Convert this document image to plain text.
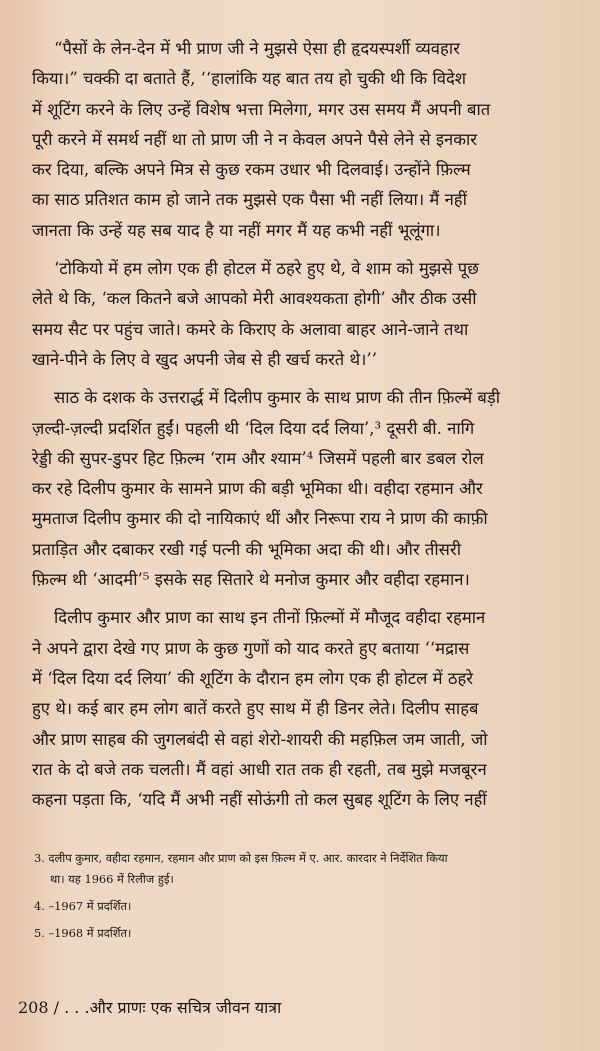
“पैसों के लेन-देन में भी प्राण जी ने मुझसे ऐसा ही हृदयस्पर्शी व्यवहार
किया।” चक्की दा बताते हैं, ‘‘हालांकि यह बात तय हो चुकी थी कि विदेश
में शूटिंग करने के लिए उन्हें विशेष भत्ता मिलेगा, मगर उस समय मैं अपनी बात
पूरी करने में समर्थ नहीं था तो प्राण जी ने न केवल अपने पैसे लेने से इनकार
कर दिया, बल्कि अपने मित्र से कुछ रकम उधार भी दिलवाई। उन्होंने फ़िल्म
का साठ प्रतिशत काम हो जाने तक मुझसे एक पैसा भी नहीं लिया। मैं नहीं
जानता कि उन्हें यह सब याद है या नहीं मगर मैं यह कभी नहीं भूलूंगा।

‘टोकियो में हम लोग एक ही होटल में ठहरे हुए थे, वे शाम को मुझसे पूछ
लेते थे कि, ‘कल कितने बजे आपको मेरी आवश्यकता होगी’ और ठीक उसी
समय सैट पर पहुंच जाते। कमरे के किराए के अलावा बाहर आने-जाने तथा
खाने-पीने के लिए वे खुद अपनी जेब से ही खर्च करते थे।’’

साठ के दशक के उत्तरार्द्ध में दिलीप कुमार के साथ प्राण की तीन फ़िल्में बड़ी
ज़ल्दी-ज़ल्दी प्रदर्शित हुईं। पहली थी ‘दिल दिया दर्द लिया’,³ दूसरी बी. नागि
रेड्डी की सुपर-डुपर हिट फ़िल्म ‘राम और श्याम’⁴ जिसमें पहली बार डबल रोल
कर रहे दिलीप कुमार के सामने प्राण की बड़ी भूमिका थी। वहीदा रहमान और
मुमताज दिलीप कुमार की दो नायिकाएं थीं और निरूपा राय ने प्राण की काफ़ी
प्रताड़ित और दबाकर रखी गई पत्नी की भूमिका अदा की थी। और तीसरी
फ़िल्म थी ‘आदमी’⁵ इसके सह सितारे थे मनोज कुमार और वहीदा रहमान।

दिलीप कुमार और प्राण का साथ इन तीनों फ़िल्मों में मौजूद वहीदा रहमान
ने अपने द्वारा देखे गए प्राण के कुछ गुणों को याद करते हुए बताया ‘‘मद्रास
में ‘दिल दिया दर्द लिया’ की शूटिंग के दौरान हम लोग एक ही होटल में ठहरे
हुए थे। कई बार हम लोग बातें करते हुए साथ में ही डिनर लेते। दिलीप साहब
और प्राण साहब की जुगलबंदी से वहां शेरो-शायरी की महफ़िल जम जाती, जो
रात के दो बजे तक चलती। मैं वहां आधी रात तक ही रहती, तब मुझे मजबूरन
कहना पड़ता कि, ‘यदि मैं अभी नहीं सोऊंगी तो कल सुबह शूटिंग के लिए नहीं

3. दलीप कुमार, वहीदा रहमान, रहमान और प्राण को इस फ़िल्म में ए. आर. कारदार ने निर्देशित किया
था। यह 1966 में रिलीज हुई।

4. –1967 में प्रदर्शित।

5. –1968 में प्रदर्शित।

208 / . . .और प्राणः एक सचित्र जीवन यात्रा
